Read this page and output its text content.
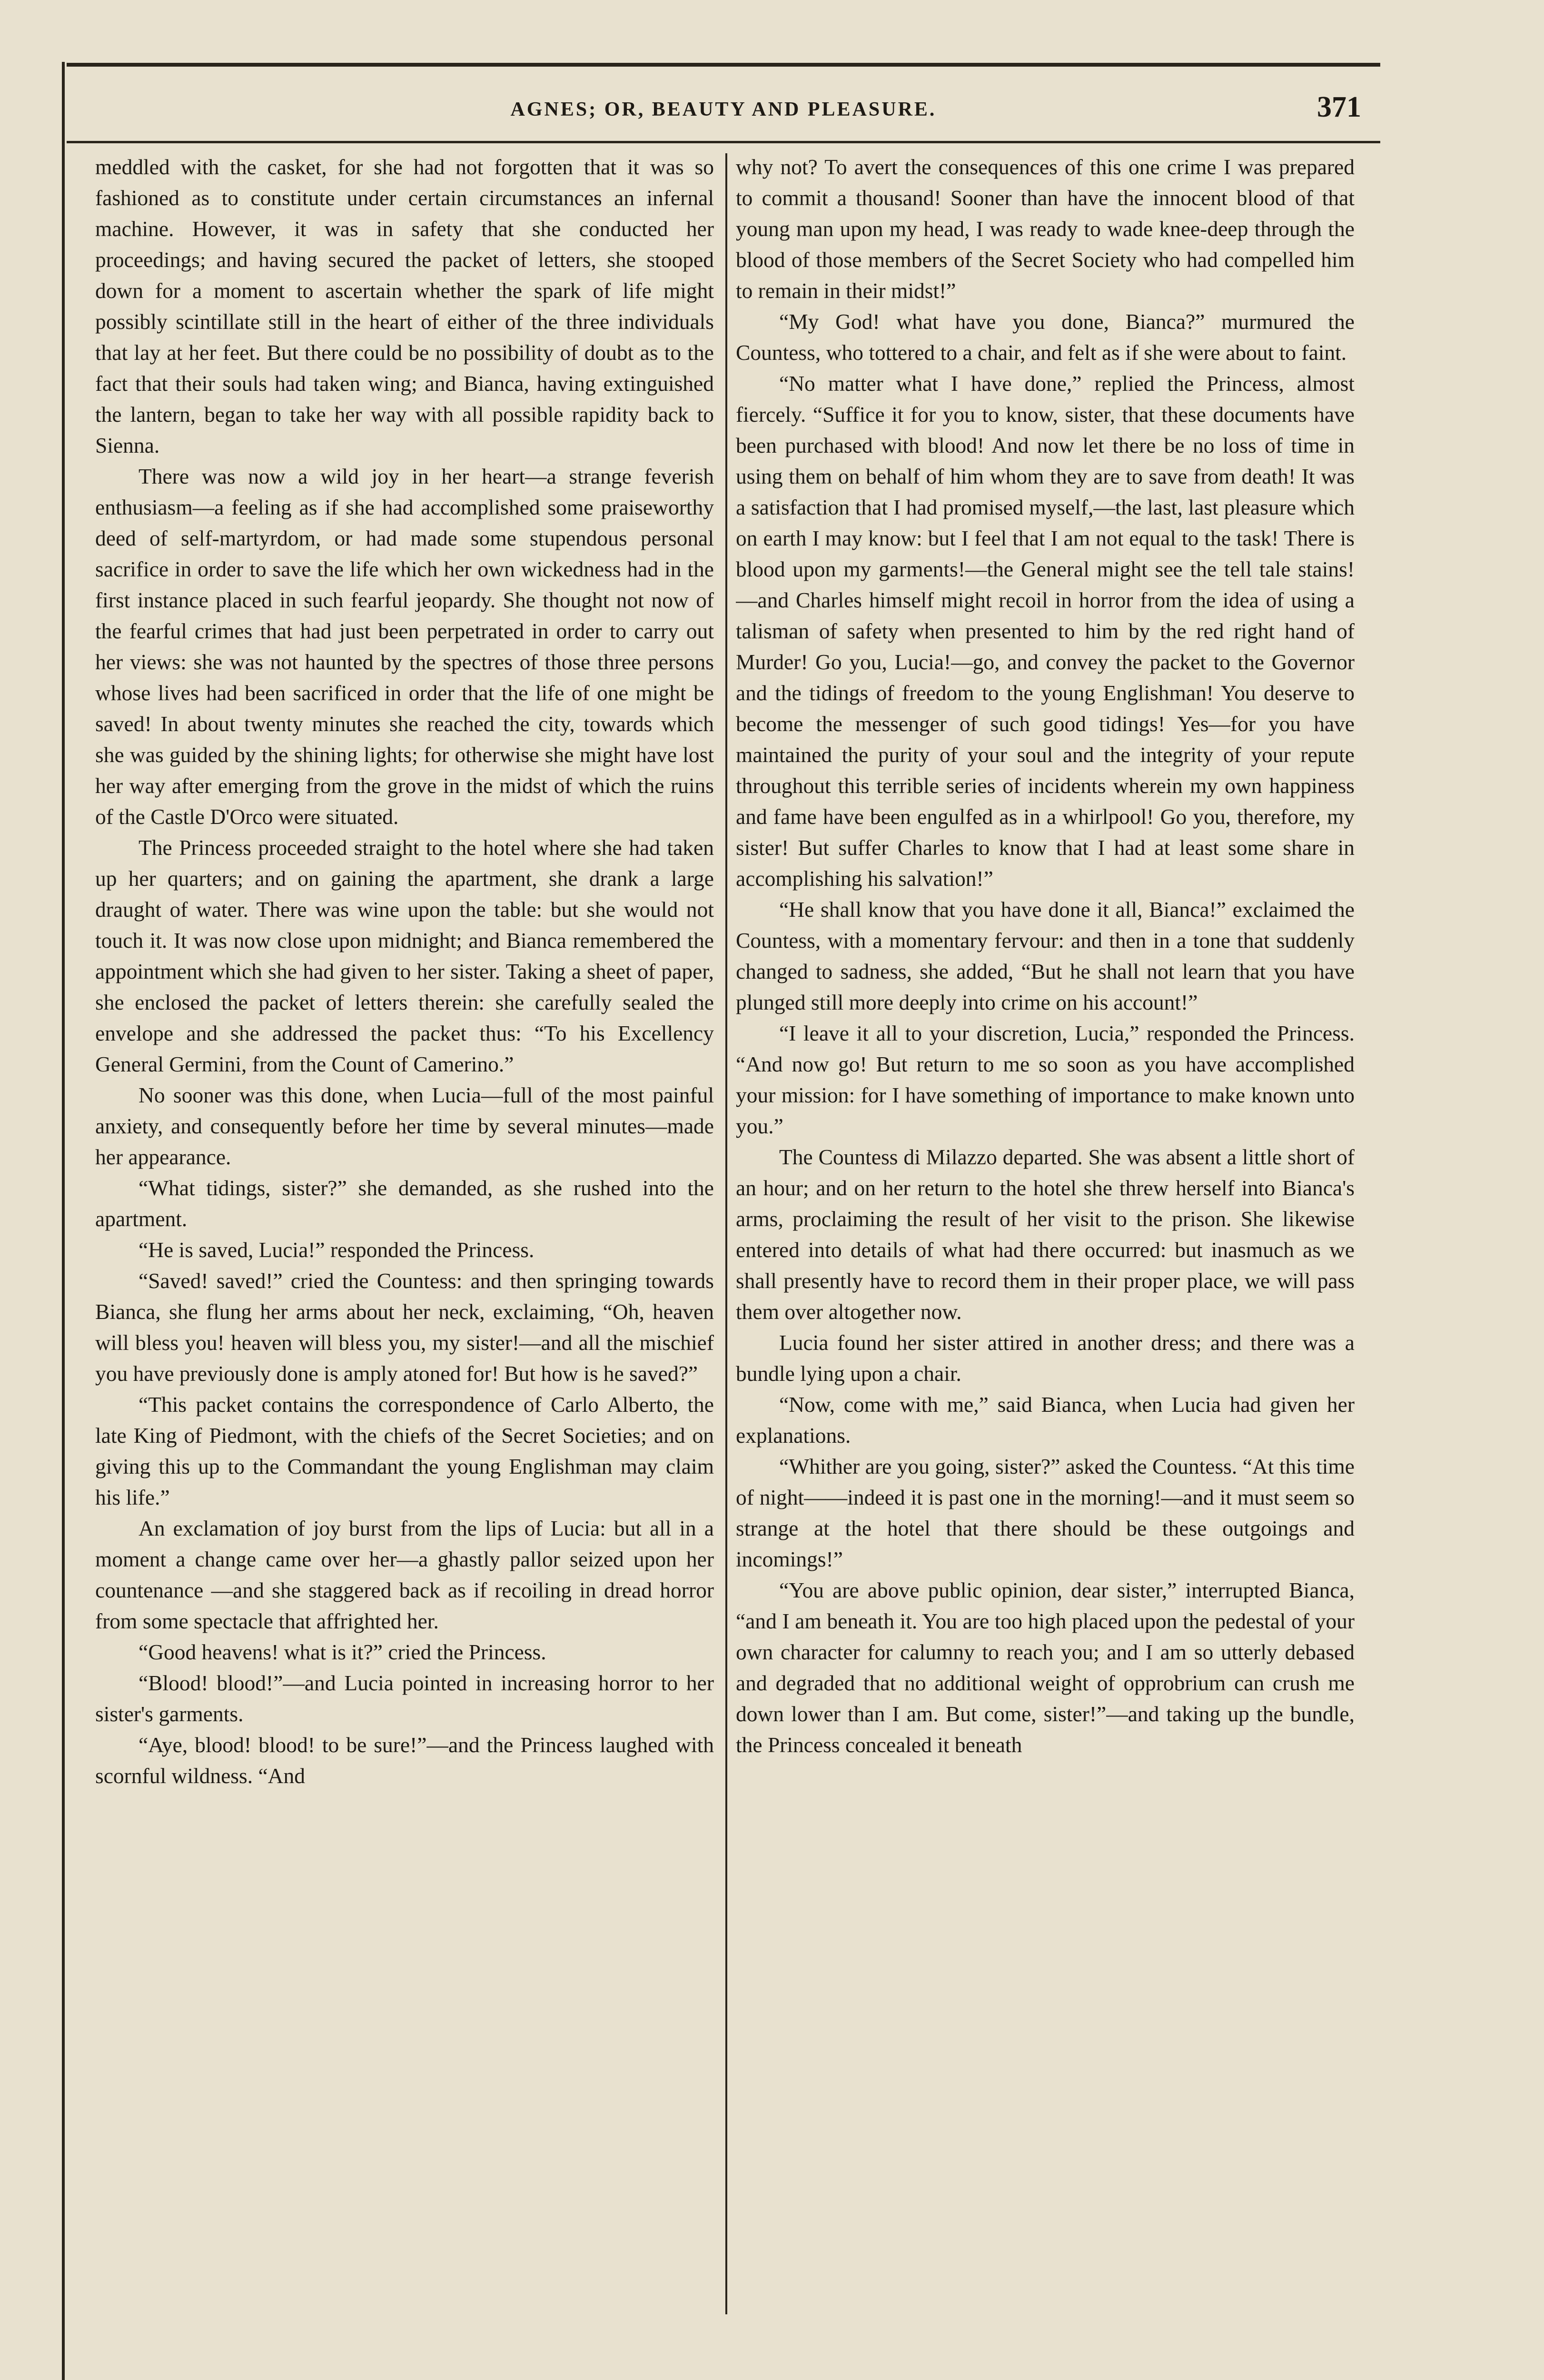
AGNES; OR, BEAUTY AND PLEASURE.	371

meddled with the casket, for she had not forgotten that it was so fashioned as to constitute under certain circumstances an infernal machine. However, it was in safety that she conducted her proceedings; and having secured the packet of letters, she stooped down for a moment to ascertain whether the spark of life might possibly scintillate still in the heart of either of the three individuals that lay at her feet. But there could be no possibility of doubt as to the fact that their souls had taken wing; and Bianca, having extinguished the lantern, began to take her way with all possible rapidity back to Sienna.

There was now a wild joy in her heart—a strange feverish enthusiasm—a feeling as if she had accomplished some praiseworthy deed of self-martyrdom, or had made some stupendous personal sacrifice in order to save the life which her own wickedness had in the first instance placed in such fearful jeopardy. She thought not now of the fearful crimes that had just been perpetrated in order to carry out her views: she was not haunted by the spectres of those three persons whose lives had been sacrificed in order that the life of one might be saved! In about twenty minutes she reached the city, towards which she was guided by the shining lights; for otherwise she might have lost her way after emerging from the grove in the midst of which the ruins of the Castle D'Orco were situated.

The Princess proceeded straight to the hotel where she had taken up her quarters; and on gaining the apartment, she drank a large draught of water. There was wine upon the table: but she would not touch it. It was now close upon midnight; and Bianca remembered the appointment which she had given to her sister. Taking a sheet of paper, she enclosed the packet of letters therein: she carefully sealed the envelope and she addressed the packet thus: “To his Excellency General Germini, from the Count of Camerino.”

No sooner was this done, when Lucia—full of the most painful anxiety, and consequently before her time by several minutes—made her appearance.

“What tidings, sister?” she demanded, as she rushed into the apartment.

“He is saved, Lucia!” responded the Princess.

“Saved! saved!” cried the Countess: and then springing towards Bianca, she flung her arms about her neck, exclaiming, “Oh, heaven will bless you! heaven will bless you, my sister!—and all the mischief you have previously done is amply atoned for! But how is he saved?”

“This packet contains the correspondence of Carlo Alberto, the late King of Piedmont, with the chiefs of the Secret Societies; and on giving this up to the Commandant the young Englishman may claim his life.”

An exclamation of joy burst from the lips of Lucia: but all in a moment a change came over her—a ghastly pallor seized upon her countenance —and she staggered back as if recoiling in dread horror from some spectacle that affrighted her.

“Good heavens! what is it?” cried the Princess.

“Blood! blood!”—and Lucia pointed in increasing horror to her sister's garments.

“Aye, blood! blood! to be sure!”—and the Princess laughed with scornful wildness. “And

why not? To avert the consequences of this one crime I was prepared to commit a thousand! Sooner than have the innocent blood of that young man upon my head, I was ready to wade knee-deep through the blood of those members of the Secret Society who had compelled him to remain in their midst!”

“My God! what have you done, Bianca?” murmured the Countess, who tottered to a chair, and felt as if she were about to faint.

“No matter what I have done,” replied the Princess, almost fiercely. “Suffice it for you to know, sister, that these documents have been purchased with blood! And now let there be no loss of time in using them on behalf of him whom they are to save from death! It was a satisfaction that I had promised myself,—the last, last pleasure which on earth I may know: but I feel that I am not equal to the task! There is blood upon my garments!—the General might see the tell tale stains!—and Charles himself might recoil in horror from the idea of using a talisman of safety when presented to him by the red right hand of Murder! Go you, Lucia!—go, and convey the packet to the Governor and the tidings of freedom to the young Englishman! You deserve to become the messenger of such good tidings! Yes—for you have maintained the purity of your soul and the integrity of your repute throughout this terrible series of incidents wherein my own happiness and fame have been engulfed as in a whirlpool! Go you, therefore, my sister! But suffer Charles to know that I had at least some share in accomplishing his salvation!”

“He shall know that you have done it all, Bianca!” exclaimed the Countess, with a momentary fervour: and then in a tone that suddenly changed to sadness, she added, “But he shall not learn that you have plunged still more deeply into crime on his account!”

“I leave it all to your discretion, Lucia,” responded the Princess. “And now go! But return to me so soon as you have accomplished your mission: for I have something of importance to make known unto you.”

The Countess di Milazzo departed. She was absent a little short of an hour; and on her return to the hotel she threw herself into Bianca's arms, proclaiming the result of her visit to the prison. She likewise entered into details of what had there occurred: but inasmuch as we shall presently have to record them in their proper place, we will pass them over altogether now.

Lucia found her sister attired in another dress; and there was a bundle lying upon a chair.

“Now, come with me,” said Bianca, when Lucia had given her explanations.

“Whither are you going, sister?” asked the Countess. “At this time of night——indeed it is past one in the morning!—and it must seem so strange at the hotel that there should be these outgoings and incomings!”

“You are above public opinion, dear sister,” interrupted Bianca, “and I am beneath it. You are too high placed upon the pedestal of your own character for calumny to reach you; and I am so utterly debased and degraded that no additional weight of opprobrium can crush me down lower than I am. But come, sister!”—and taking up the bundle, the Princess concealed it beneath
